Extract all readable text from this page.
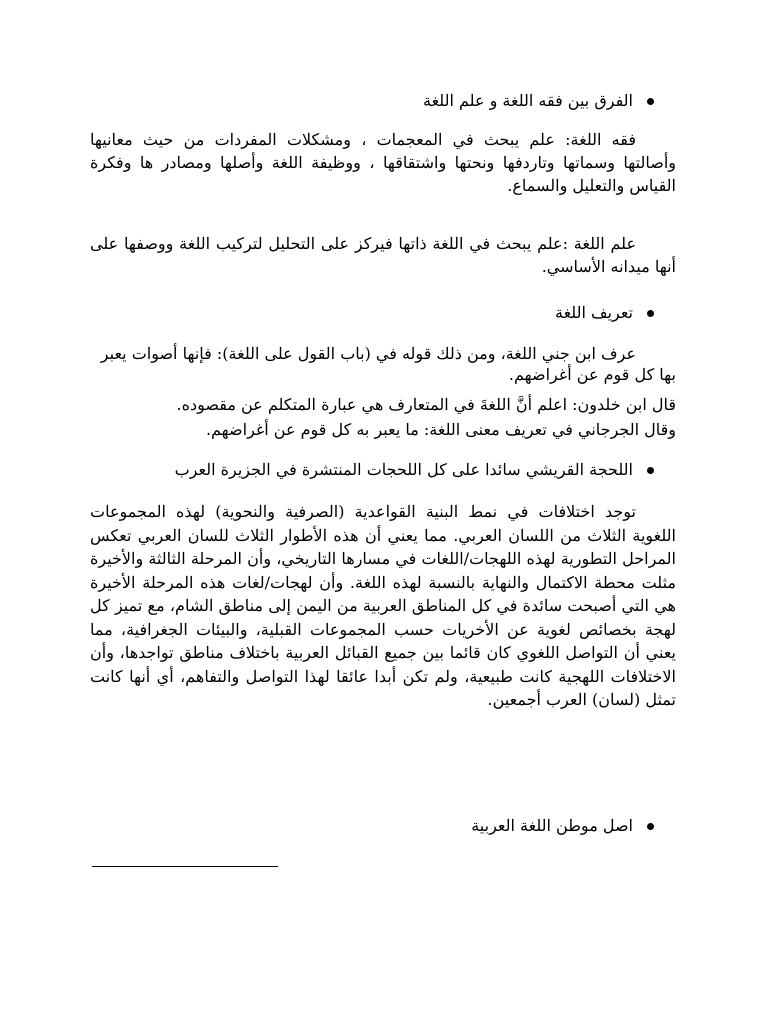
الفرق بين فقه اللغة و علم اللغة
فقه اللغة: علم يبحث في المعجمات ، ومشكلات المفردات من حيث معانيها وأصالتها وسماتها وتاردفها ونحتها واشتقاقها ، ووظيفة اللغة وأصلها ومصادر ها وفكرة القياس والتعليل والسماع.
علم اللغة :علم يبحث في اللغة ذاتها فيركز على التحليل لتركيب اللغة ووصفها على أنها ميدانه الأساسي.
تعريف اللغة
عرف ابن جني اللغة، ومن ذلك قوله في (باب القول على اللغة): فإنها أصوات يعبر بها كل قوم عن أغراضهم.
قال ابن خلدون: اعلم أنَّ اللغةَ في المتعارف هي عبارة المتكلم عن مقصوده.
وقال الجرجاني في تعريف معنى اللغة: ما يعبر به كل قوم عن أغراضهم.
اللحجة القريشي سائدا على كل اللحجات المنتشرة في الجزيرة العرب
توجد اختلافات في نمط البنية القواعدية (الصرفية والنحوية) لهذه المجموعات اللغوية الثلاث من اللسان العربي. مما يعني أن هذه الأطوار الثلاث للسان العربي تعكس المراحل التطورية لهذه اللهجات/اللغات في مسارها التاريخي، وأن المرحلة الثالثة والأخيرة مثلت محطة الاكتمال والنهاية بالنسبة لهذه اللغة. وأن لهجات/لغات هذه المرحلة الأخيرة هي التي أصبحت سائدة في كل المناطق العربية من اليمن إلى مناطق الشام، مع تميز كل لهجة بخصائص لغوية عن الأخريات حسب المجموعات القبلية، والبيئات الجغرافية، مما يعني أن التواصل اللغوي كان قائما بين جميع القبائل العربية باختلاف مناطق تواجدها، وأن الاختلافات اللهجية كانت طبيعية، ولم تكن أبدا عائقا لهذا التواصل والتفاهم، أي أنها كانت تمثل (لسان) العرب أجمعين.
اصل موطن اللغة العربية
